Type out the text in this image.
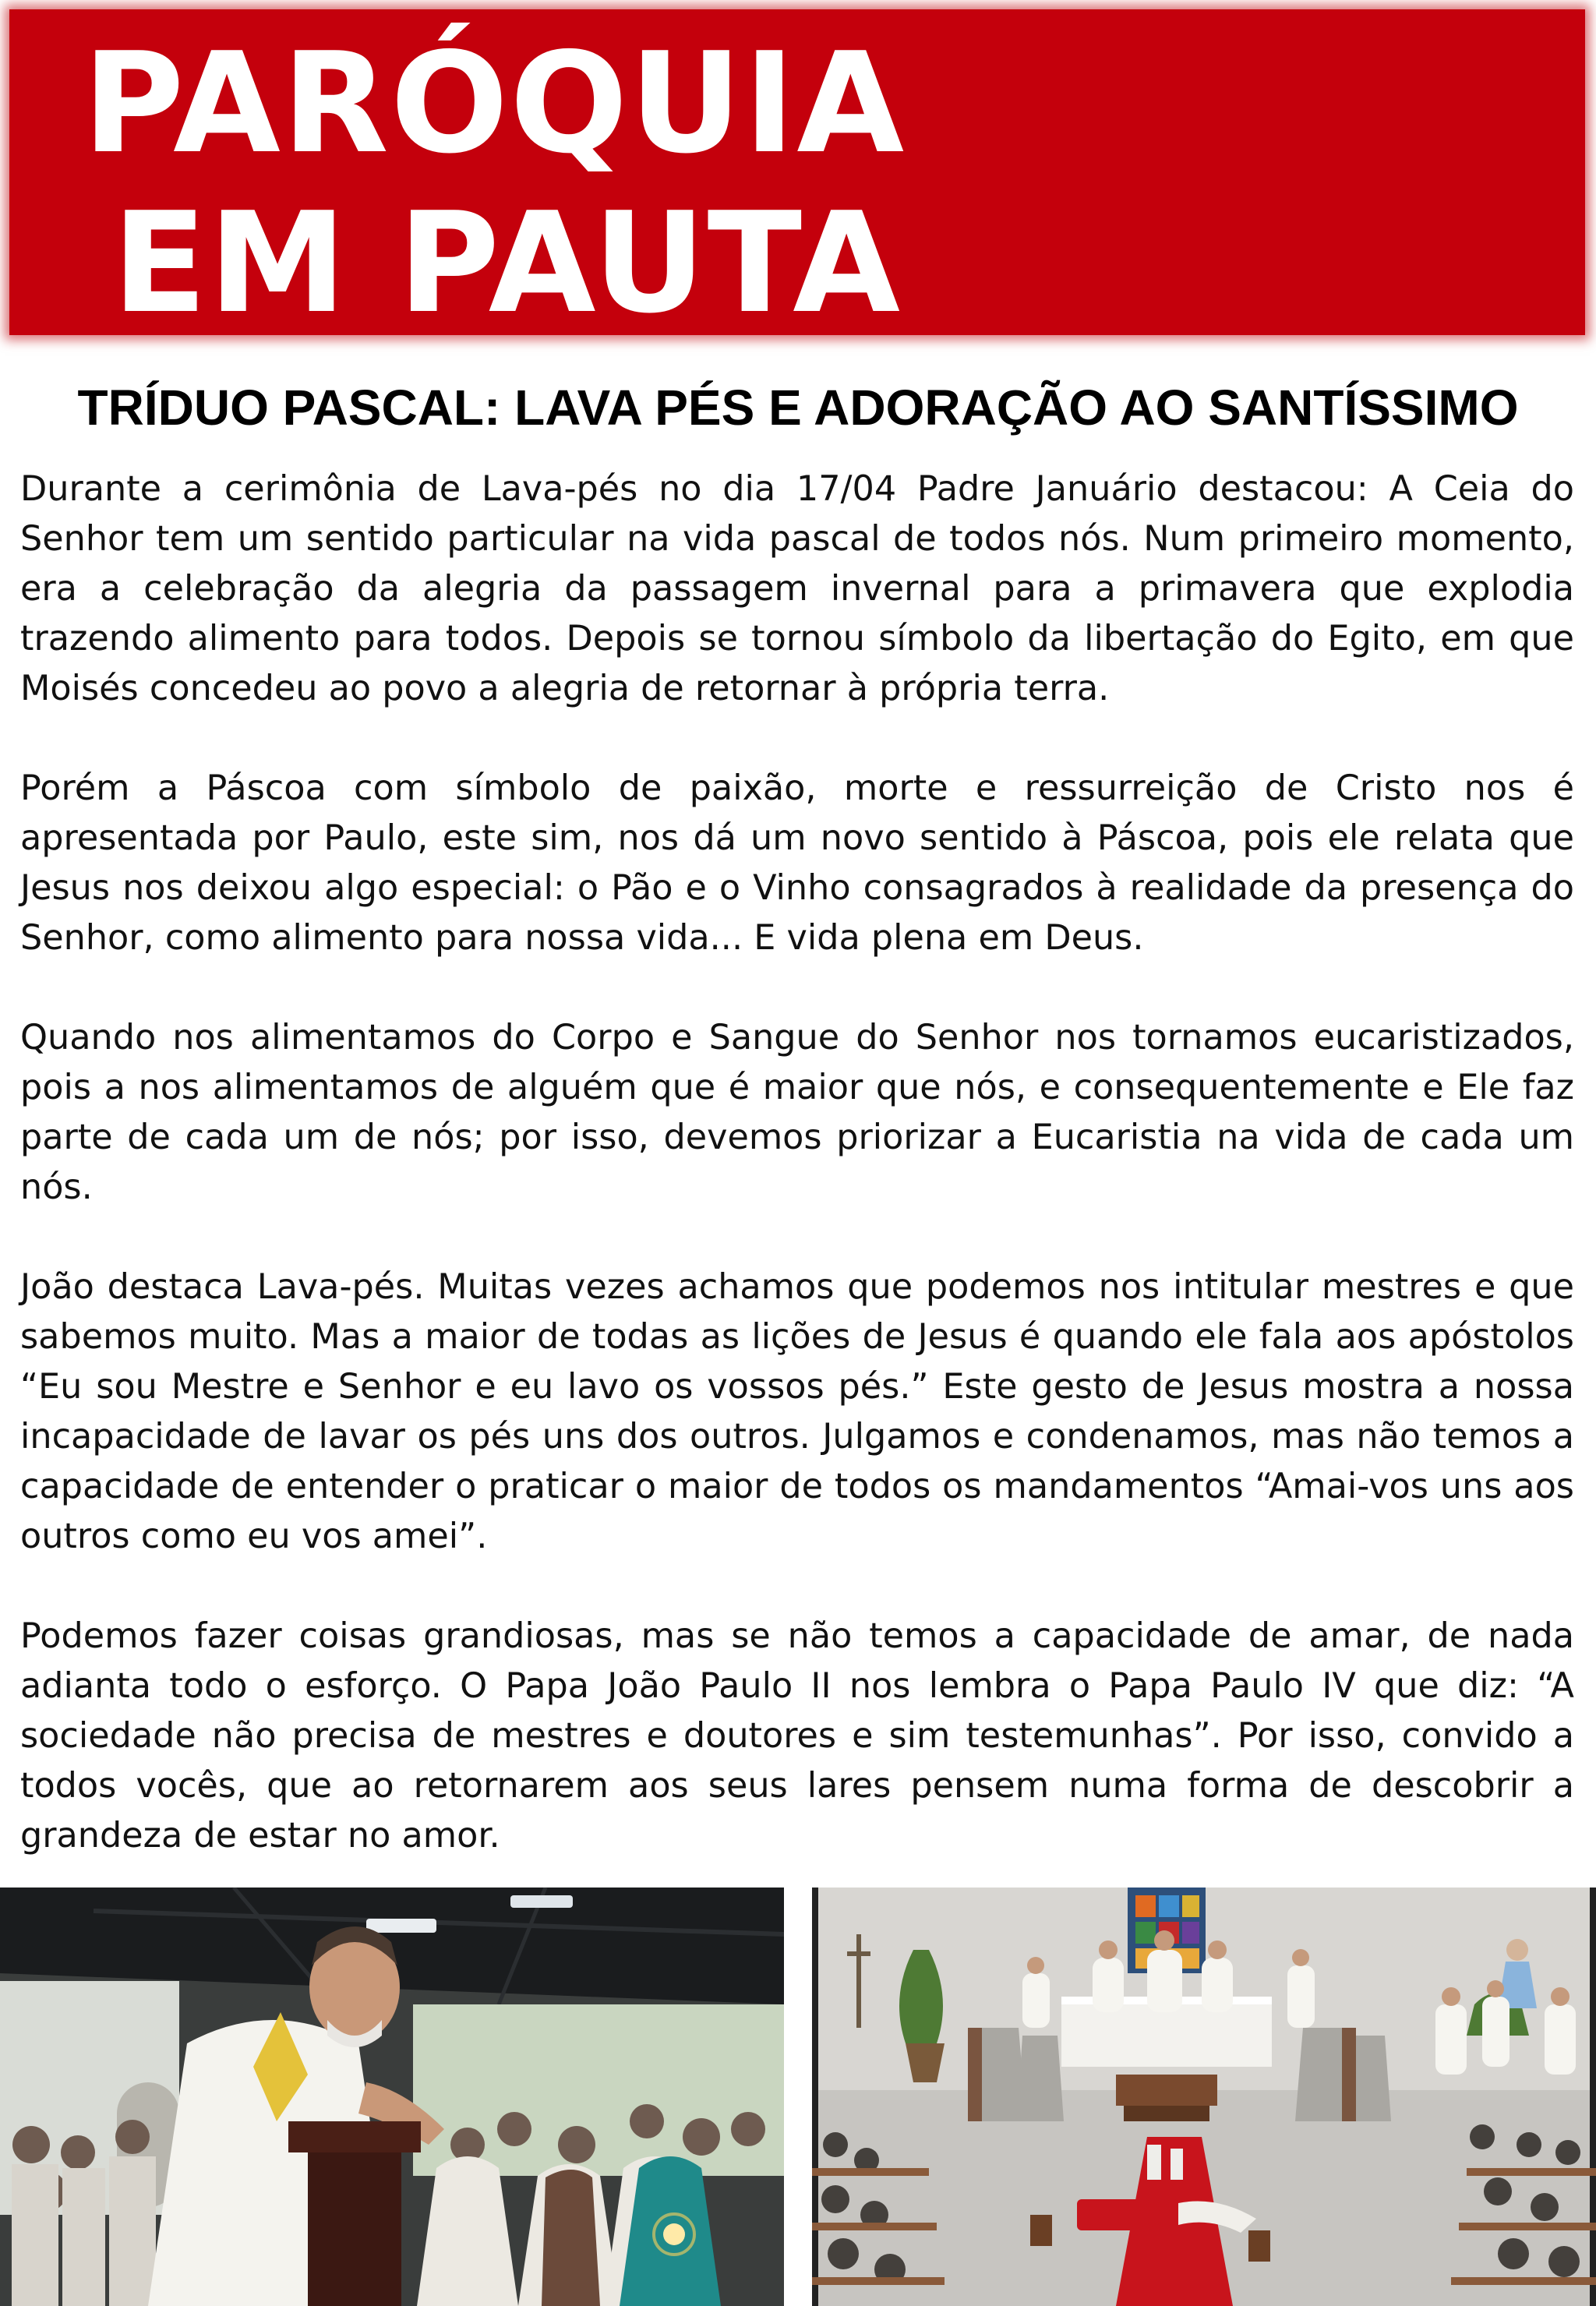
PARÓQUIA
EM PAUTA
TRÍDUO PASCAL: LAVA PÉS E ADORAÇÃO AO SANTÍSSIMO

Durante a cerimônia de Lava-pés no dia 17/04 Padre Januário destacou: A Ceia do Senhor tem um sentido particular na vida pascal de todos nós. Num primeiro momento, era a celebração da alegria da passagem invernal para a primavera que explodia trazendo alimento para todos. Depois se tornou símbolo da libertação do Egito, em que Moisés concedeu ao povo a alegria de retornar à própria terra.

Porém a Páscoa com símbolo de paixão, morte e ressurreição de Cristo nos é apresentada por Paulo, este sim, nos dá um novo sentido à Páscoa, pois ele relata que Jesus nos deixou algo especial: o Pão e o Vinho consagrados à realidade da presença do Senhor, como alimento para nossa vida... E vida plena em Deus.

Quando nos alimentamos do Corpo e Sangue do Senhor nos tornamos eucaristizados, pois a nos alimentamos de alguém que é maior que nós, e consequentemente e Ele faz parte de cada um de nós; por isso, devemos priorizar a Eucaristia na vida de cada um nós.

João destaca Lava-pés. Muitas vezes achamos que podemos nos intitular mestres e que sabemos muito. Mas a maior de todas as lições de Jesus é quando ele fala aos apóstolos “Eu sou Mestre e Senhor e eu lavo os vossos pés.” Este gesto de Jesus mostra a nossa incapacidade de lavar os pés uns dos outros. Julgamos e condenamos, mas não temos a capacidade de entender o praticar o maior de todos os mandamentos “Amai-vos uns aos outros como eu vos amei”.

Podemos fazer coisas grandiosas, mas se não temos a capacidade de amar, de nada adianta todo o esforço. O Papa João Paulo II nos lembra o Papa Paulo IV que diz: “A sociedade não precisa de mestres e doutores e sim testemunhas”. Por isso, convido a todos vocês, que ao retornarem aos seus lares pensem numa forma de descobrir a grandeza de estar no amor.
